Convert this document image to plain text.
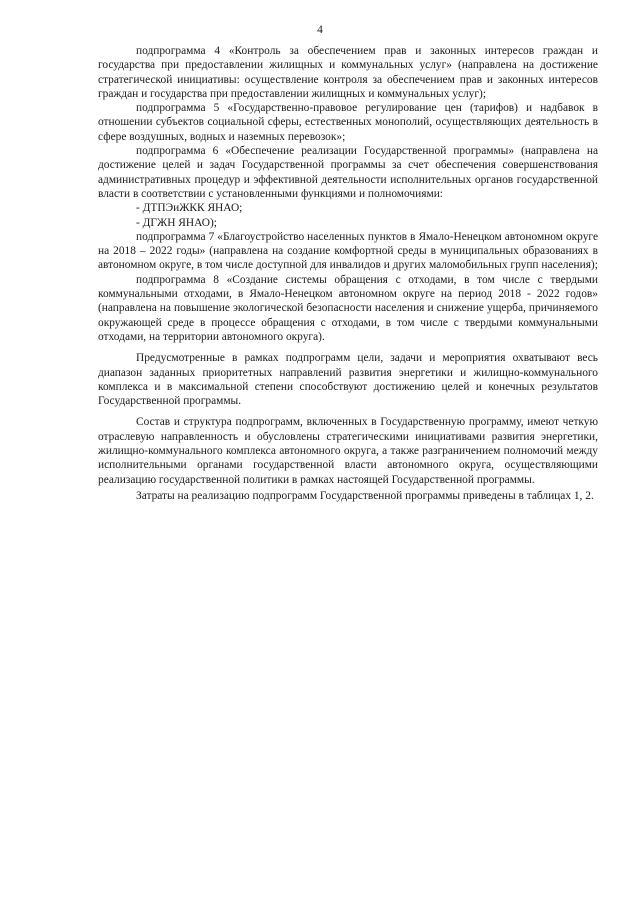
4

подпрограмма 4 «Контроль за обеспечением прав и законных интересов граждан и государства при предоставлении жилищных и коммунальных услуг» (направлена на достижение стратегической инициативы: осуществление контроля за обеспечением прав и законных интересов граждан и государства при предоставлении жилищных и коммунальных услуг);

подпрограмма 5 «Государственно-правовое регулирование цен (тарифов) и надбавок в отношении субъектов социальной сферы, естественных монополий, осуществляющих деятельность в сфере воздушных, водных и наземных перевозок»;

подпрограмма 6 «Обеспечение реализации Государственной программы» (направлена на достижение целей и задач Государственной программы за счет обеспечения совершенствования административных процедур и эффективной деятельности исполнительных органов государственной власти в соответствии с установленными функциями и полномочиями:

- ДТПЭиЖКК ЯНАО;

- ДГЖН ЯНАО);

подпрограмма 7 «Благоустройство населенных пунктов в Ямало-Ненецком автономном округе на 2018 – 2022 годы» (направлена на создание комфортной среды в муниципальных образованиях в автономном округе, в том числе доступной для инвалидов и других маломобильных групп населения);

подпрограмма 8 «Создание системы обращения с отходами, в том числе с твердыми коммунальными отходами, в Ямало-Ненецком автономном округе на период 2018 - 2022 годов» (направлена на повышение экологической безопасности населения и снижение ущерба, причиняемого окружающей среде в процессе обращения с отходами, в том числе с твердыми коммунальными отходами, на территории автономного округа).

Предусмотренные в рамках подпрограмм цели, задачи и мероприятия охватывают весь диапазон заданных приоритетных направлений развития энергетики и жилищно-коммунального комплекса и в максимальной степени способствуют достижению целей и конечных результатов Государственной программы.

Состав и структура подпрограмм, включенных в Государственную программу, имеют четкую отраслевую направленность и обусловлены стратегическими инициативами развития энергетики, жилищно-коммунального комплекса автономного округа, а также разграничением полномочий между исполнительными органами государственной власти автономного округа, осуществляющими реализацию государственной политики в рамках настоящей Государственной программы.

Затраты на реализацию подпрограмм Государственной программы приведены в таблицах 1, 2.
